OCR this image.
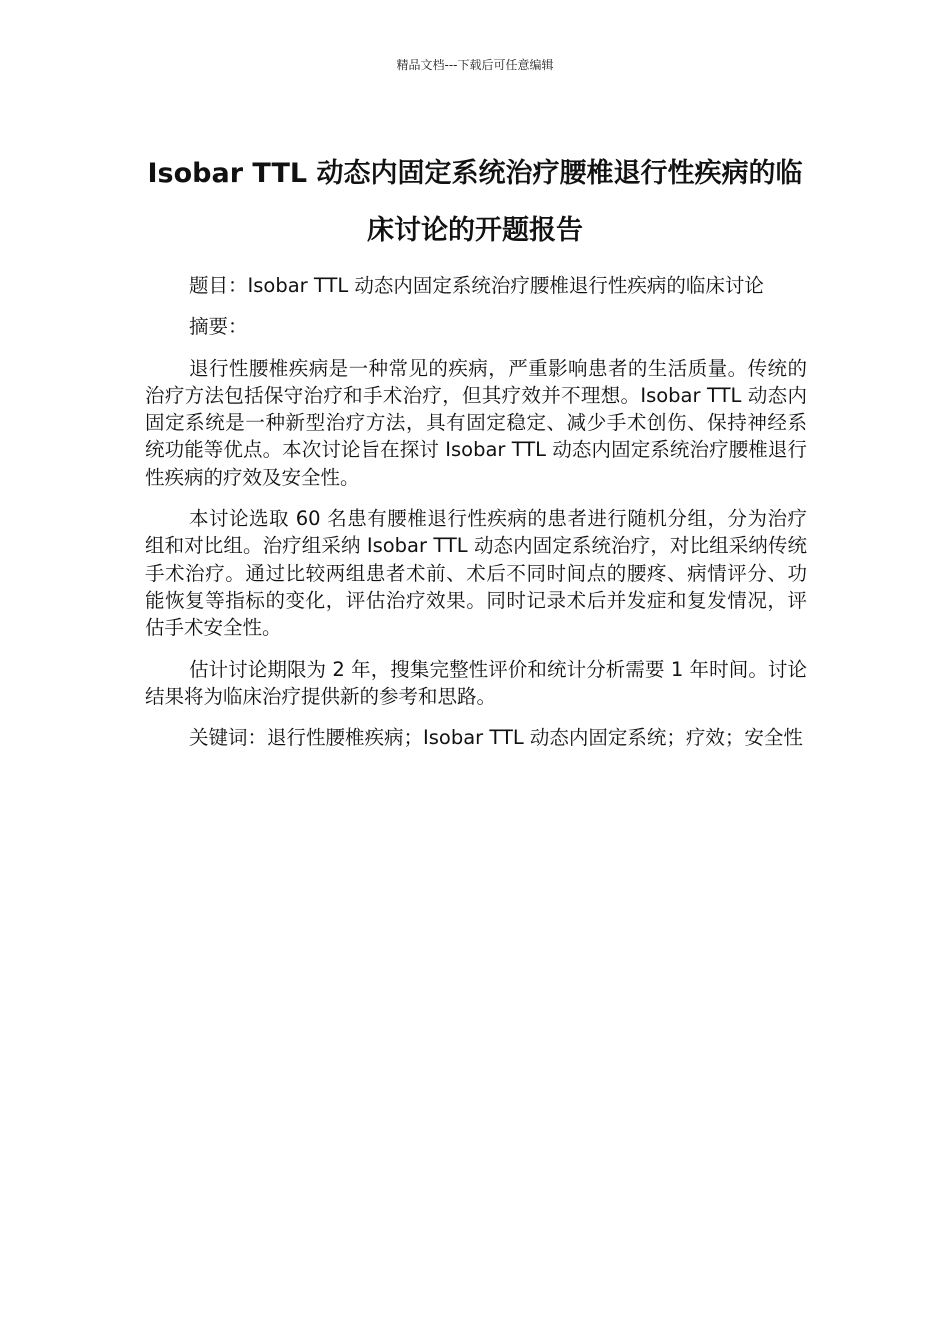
精品文档---下载后可任意编辑
Isobar TTL 动态内固定系统治疗腰椎退行性疾病的临床讨论的开题报告

题目：Isobar TTL 动态内固定系统治疗腰椎退行性疾病的临床讨论

摘要：

退行性腰椎疾病是一种常见的疾病，严重影响患者的生活质量。传统的治疗方法包括保守治疗和手术治疗，但其疗效并不理想。Isobar TTL 动态内固定系统是一种新型治疗方法，具有固定稳定、减少手术创伤、保持神经系统功能等优点。本次讨论旨在探讨 Isobar TTL 动态内固定系统治疗腰椎退行性疾病的疗效及安全性。

本讨论选取 60 名患有腰椎退行性疾病的患者进行随机分组，分为治疗组和对比组。治疗组采纳 Isobar TTL 动态内固定系统治疗，对比组采纳传统手术治疗。通过比较两组患者术前、术后不同时间点的腰疼、病情评分、功能恢复等指标的变化，评估治疗效果。同时记录术后并发症和复发情况，评估手术安全性。

估计讨论期限为 2 年，搜集完整性评价和统计分析需要 1 年时间。讨论结果将为临床治疗提供新的参考和思路。

关键词：退行性腰椎疾病；Isobar TTL 动态内固定系统；疗效；安全性
